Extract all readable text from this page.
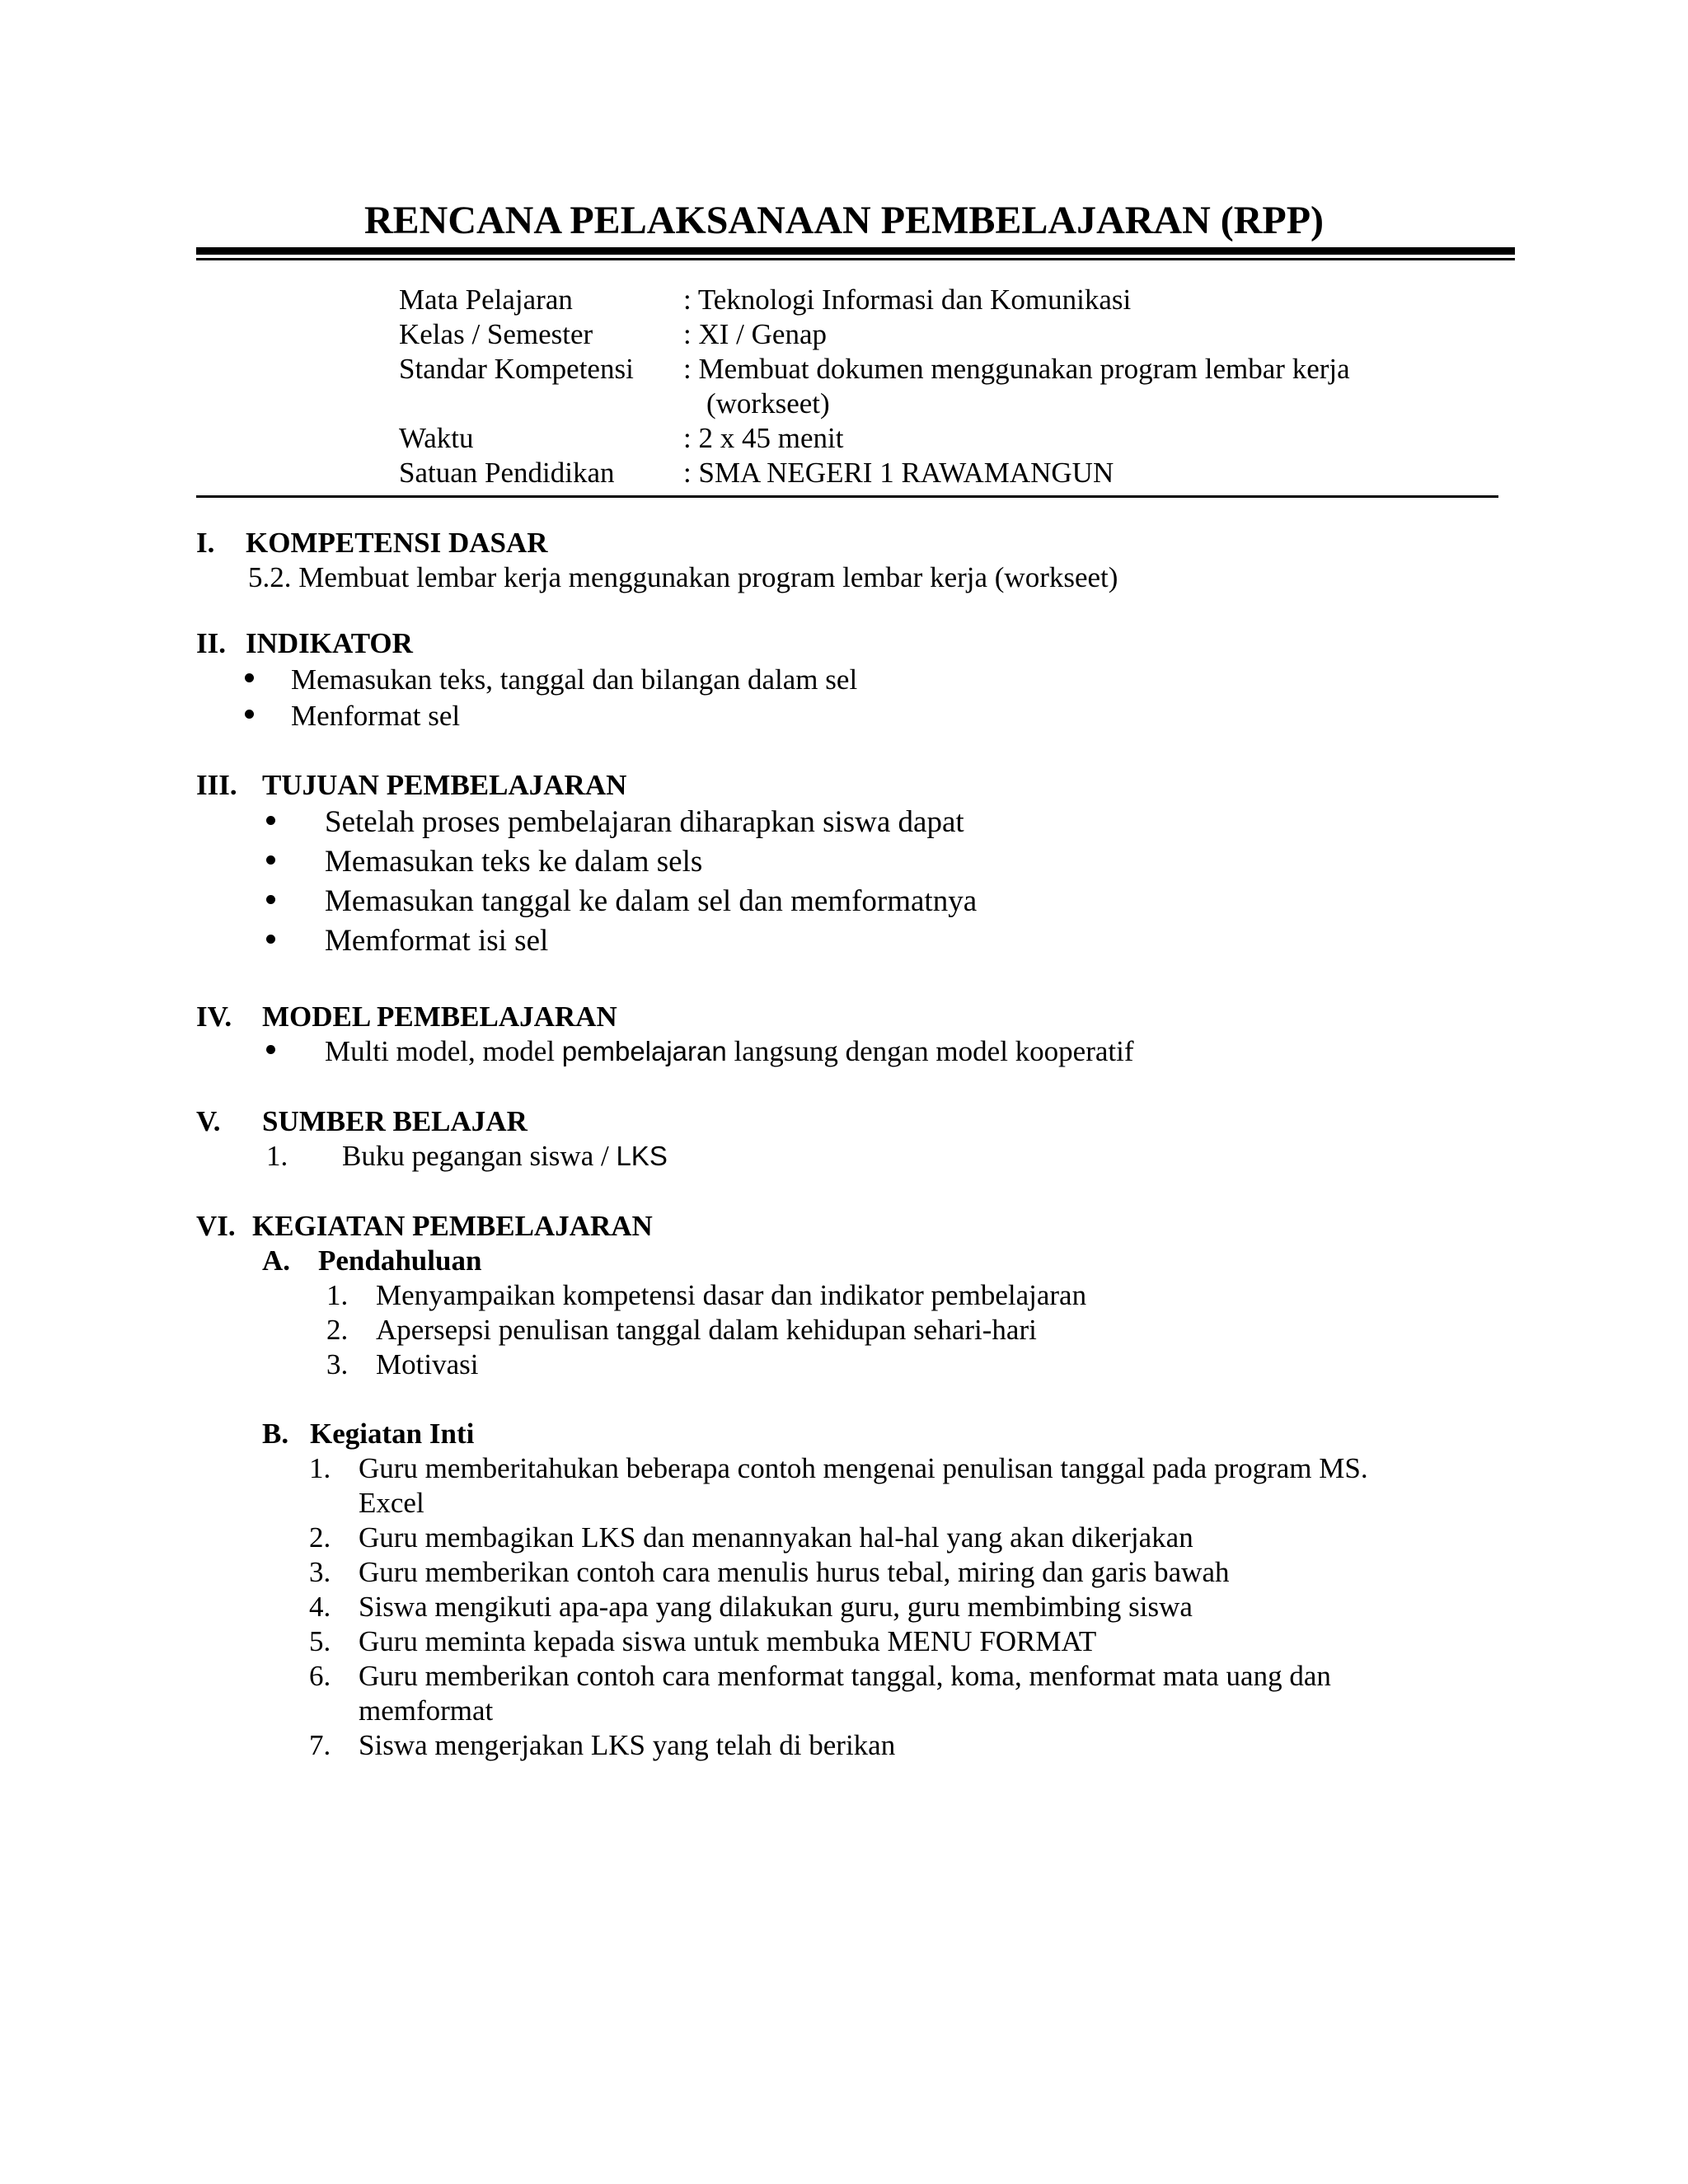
RENCANA PELAKSANAAN PEMBELAJARAN (RPP)
Mata Pelajaran	: Teknologi Informasi dan Komunikasi
Kelas / Semester	: XI / Genap
Standar Kompetensi	: Membuat dokumen menggunakan program lembar kerja
(workseet)
Waktu	: 2 x 45 menit
Satuan Pendidikan	: SMA NEGERI 1 RAWAMANGUN
I.	KOMPETENSI DASAR
5.2. Membuat lembar kerja menggunakan program lembar kerja (workseet)
II. INDIKATOR
Memasukan teks, tanggal dan bilangan dalam sel
Menformat sel
III. TUJUAN PEMBELAJARAN
Setelah proses pembelajaran diharapkan siswa dapat
Memasukan teks ke dalam sels
Memasukan tanggal ke dalam sel dan memformatnya
Memformat isi sel
IV.	MODEL PEMBELAJARAN
Multi model, model pembelajaran langsung dengan model kooperatif
V.	SUMBER BELAJAR
1.	Buku pegangan siswa / LKS
VI. KEGIATAN PEMBELAJARAN
A. Pendahuluan
1. Menyampaikan kompetensi dasar dan indikator pembelajaran
2. Apersepsi penulisan tanggal dalam kehidupan sehari-hari
3. Motivasi
B. Kegiatan Inti
1. Guru memberitahukan beberapa contoh mengenai penulisan tanggal pada program MS.
Excel
2. Guru membagikan LKS dan menannyakan hal-hal yang akan dikerjakan
3. Guru memberikan contoh cara menulis hurus tebal, miring dan garis bawah
4. Siswa mengikuti apa-apa yang dilakukan guru, guru membimbing siswa
5. Guru meminta kepada siswa untuk membuka MENU FORMAT
6. Guru memberikan contoh cara menformat tanggal, koma, menformat mata uang dan
memformat
7. Siswa mengerjakan LKS yang telah di berikan
